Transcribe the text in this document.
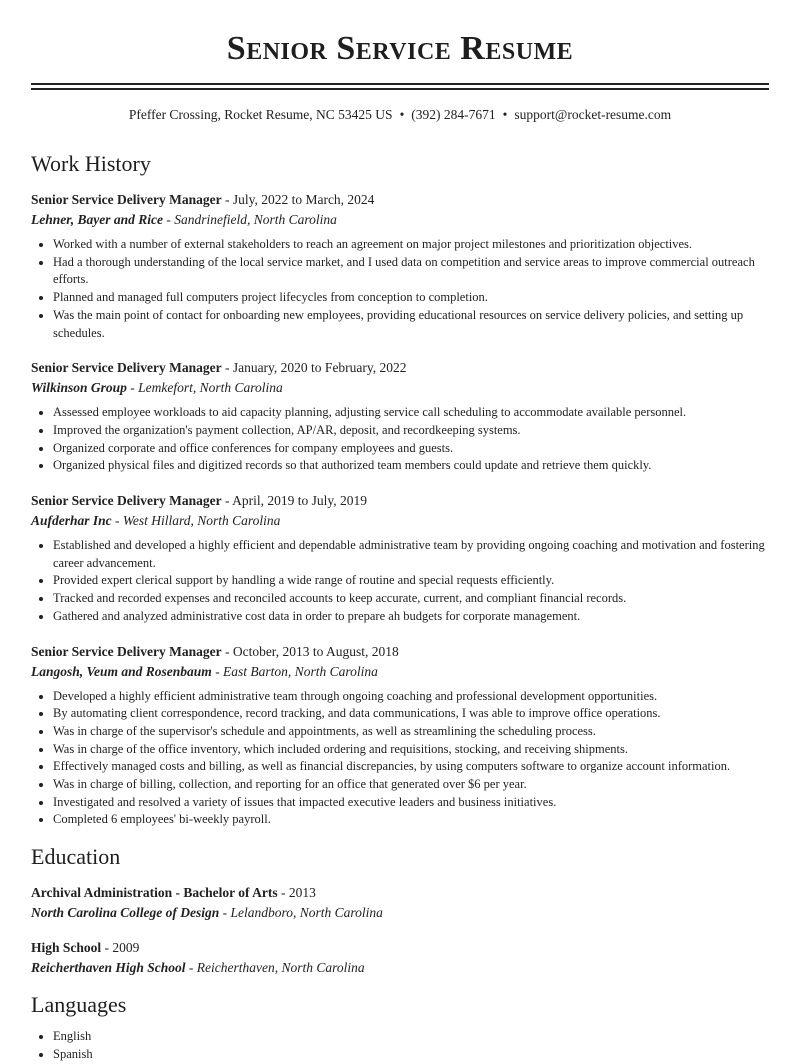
Senior Service Resume
Pfeffer Crossing, Rocket Resume, NC 53425 US • (392) 284-7671 • support@rocket-resume.com
Work History
Senior Service Delivery Manager - July, 2022 to March, 2024
Lehner, Bayer and Rice - Sandrinefield, North Carolina
• Worked with a number of external stakeholders to reach an agreement on major project milestones and prioritization objectives.
• Had a thorough understanding of the local service market, and I used data on competition and service areas to improve commercial outreach efforts.
• Planned and managed full computers project lifecycles from conception to completion.
• Was the main point of contact for onboarding new employees, providing educational resources on service delivery policies, and setting up schedules.
Senior Service Delivery Manager - January, 2020 to February, 2022
Wilkinson Group - Lemkefort, North Carolina
• Assessed employee workloads to aid capacity planning, adjusting service call scheduling to accommodate available personnel.
• Improved the organization's payment collection, AP/AR, deposit, and recordkeeping systems.
• Organized corporate and office conferences for company employees and guests.
• Organized physical files and digitized records so that authorized team members could update and retrieve them quickly.
Senior Service Delivery Manager - April, 2019 to July, 2019
Aufderhar Inc - West Hillard, North Carolina
• Established and developed a highly efficient and dependable administrative team by providing ongoing coaching and motivation and fostering career advancement.
• Provided expert clerical support by handling a wide range of routine and special requests efficiently.
• Tracked and recorded expenses and reconciled accounts to keep accurate, current, and compliant financial records.
• Gathered and analyzed administrative cost data in order to prepare ah budgets for corporate management.
Senior Service Delivery Manager - October, 2013 to August, 2018
Langosh, Veum and Rosenbaum - East Barton, North Carolina
• Developed a highly efficient administrative team through ongoing coaching and professional development opportunities.
• By automating client correspondence, record tracking, and data communications, I was able to improve office operations.
• Was in charge of the supervisor's schedule and appointments, as well as streamlining the scheduling process.
• Was in charge of the office inventory, which included ordering and requisitions, stocking, and receiving shipments.
• Effectively managed costs and billing, as well as financial discrepancies, by using computers software to organize account information.
• Was in charge of billing, collection, and reporting for an office that generated over $6 per year.
• Investigated and resolved a variety of issues that impacted executive leaders and business initiatives.
• Completed 6 employees' bi-weekly payroll.
Education
Archival Administration - Bachelor of Arts - 2013
North Carolina College of Design - Lelandboro, North Carolina
High School - 2009
Reicherthaven High School - Reicherthaven, North Carolina
Languages
• English
• Spanish
